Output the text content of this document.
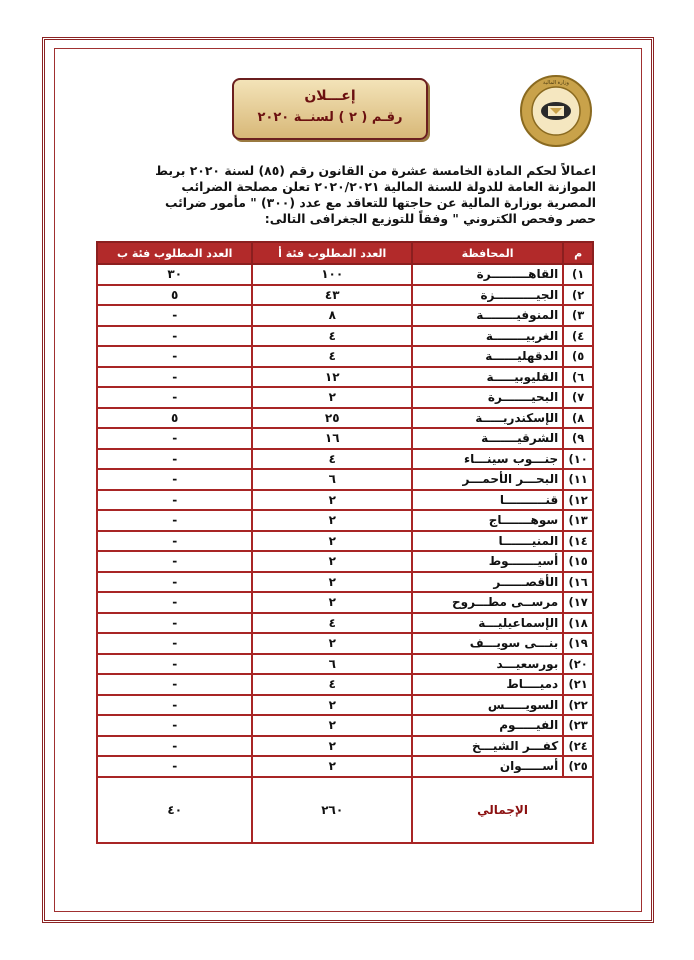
إعـــلان
رقـم ( ٢ ) لسنــة ٢٠٢٠
وزارة المالية
اعمالاً لحكم المادة الخامسة عشرة من القانون رقم (٨٥) لسنة ٢٠٢٠ بربط
الموازنة العامة للدولة للسنة المالية ٢٠٢٠/٢٠٢١ تعلن مصلحة الضرائب
المصرية بوزارة المالية عن حاجتها للتعاقد مع عدد (٣٠٠) " مأمور ضرائب
حصر وفحص الكتروني " وفقاً للتوزيع الجغرافى التالى:
م	المحافظة	العدد المطلوب فئة أ	العدد المطلوب فئة ب
١)	القاهـــــــــرة	١٠٠	٣٠
٢)	الجيــــــــــزة	٤٣	٥
٣)	المنوفيــــــــة	٨	-
٤)	الغربيــــــــة	٤	-
٥)	الدقهليــــــة	٤	-
٦)	القليوبيـــــة	١٢	-
٧)	البحيـــــــرة	٢	-
٨)	الإسكندريـــــة	٢٥	٥
٩)	الشرقيـــــــة	١٦	-
١٠)	جنـــوب سينـــاء	٤	-
١١)	البحـــر الأحمـــر	٦	-
١٢)	قنــــــــــا	٢	-
١٣)	سوهـــــــاج	٢	-
١٤)	المنيـــــــا	٢	-
١٥)	أسيـــــــوط	٢	-
١٦)	الأقصــــــر	٢	-
١٧)	مرســى مطـــروح	٢	-
١٨)	الإسماعيليـــة	٤	-
١٩)	بنـــى سويـــف	٢	-
٢٠)	بورسعيـــد	٦	-
٢١)	دميــــاط	٤	-
٢٢)	السويـــــس	٢	-
٢٣)	الفيـــــوم	٢	-
٢٤)	كفـــر الشيـــخ	٢	-
٢٥)	أســـــوان	٢	-
الإجمالي		٢٦٠	٤٠
